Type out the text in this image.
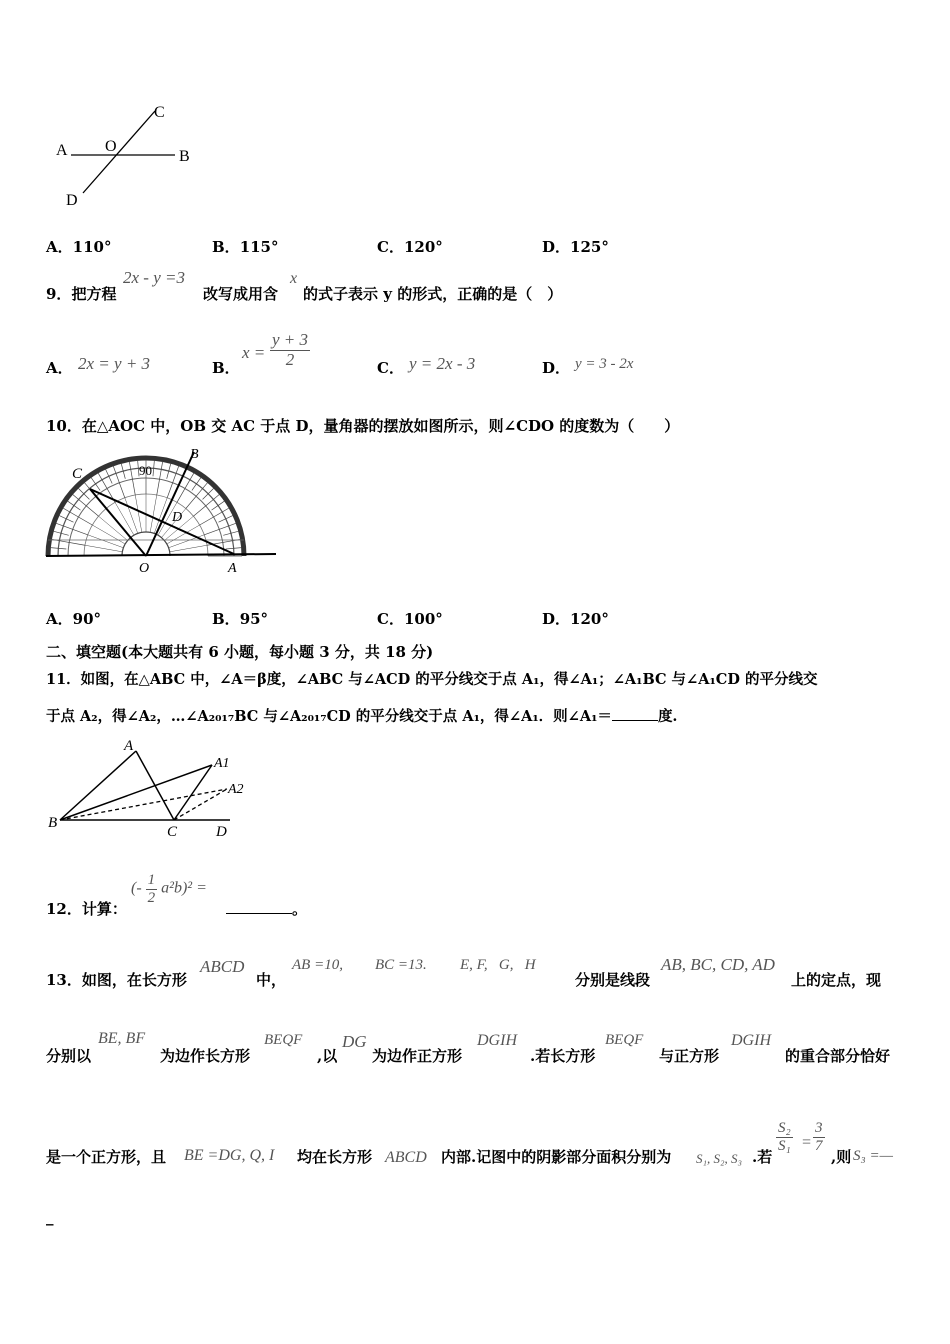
A O
B
C
D
A．110°	B．115°	C．120°	D．125°
9．把方程
2x - y =3
改写成用含
x
的式子表示 y 的形式，正确的是（　）
A． 2x = y + 3	B．
$x = \frac{y + 3}{2}$	C． y = 2x - 3	D． y = 3 - 2x
10．在△AOC 中，OB 交 AC 于点 D，量角器的摆放如图所示，则∠CDO 的度数为（　　）
C	90
B
D
O	A
A．90°	B．95°	C．100°	D．120°
二、填空题(本大题共有 6 小题，每小题 3 分，共 18 分)
11．如图，在△ABC 中，∠A＝β度，∠ABC 与∠ACD 的平分线交于点 A₁，得∠A₁；∠A₁BC 与∠A₁CD 的平分线交
于点 A₂，得∠A₂，…∠A₂₀₁₇BC 与∠A₂₀₁₇CD 的平分线交于点 A₁，得∠A₁．则∠A₁＝	度.
A
A1
A2
B
C	D
12．计算：
(- $\frac{1}{2} a^2b)^2$ =
。
13．如图，在长方形
ABCD
中，
AB =10, BC =13. E, F,   G,   H
分别是线段
AB, BC, CD, AD
上的定点，现
分别以
BE, BF
为边作长方形
BEQF
,以
DG
为边作正方形
DGIH
.若长方形
BEQF
与正方形
DGIH
的重合部分恰好
是一个正方形，且 BE =DG, Q, I 均在长方形 ABCD 内部.记图中的阴影部分面积分别为 S₁, S₂, S₃ .若
$\frac{\text{S₂}}{\text{S₁}} = \frac{3}{7}$
,则 S₃ =—
_
